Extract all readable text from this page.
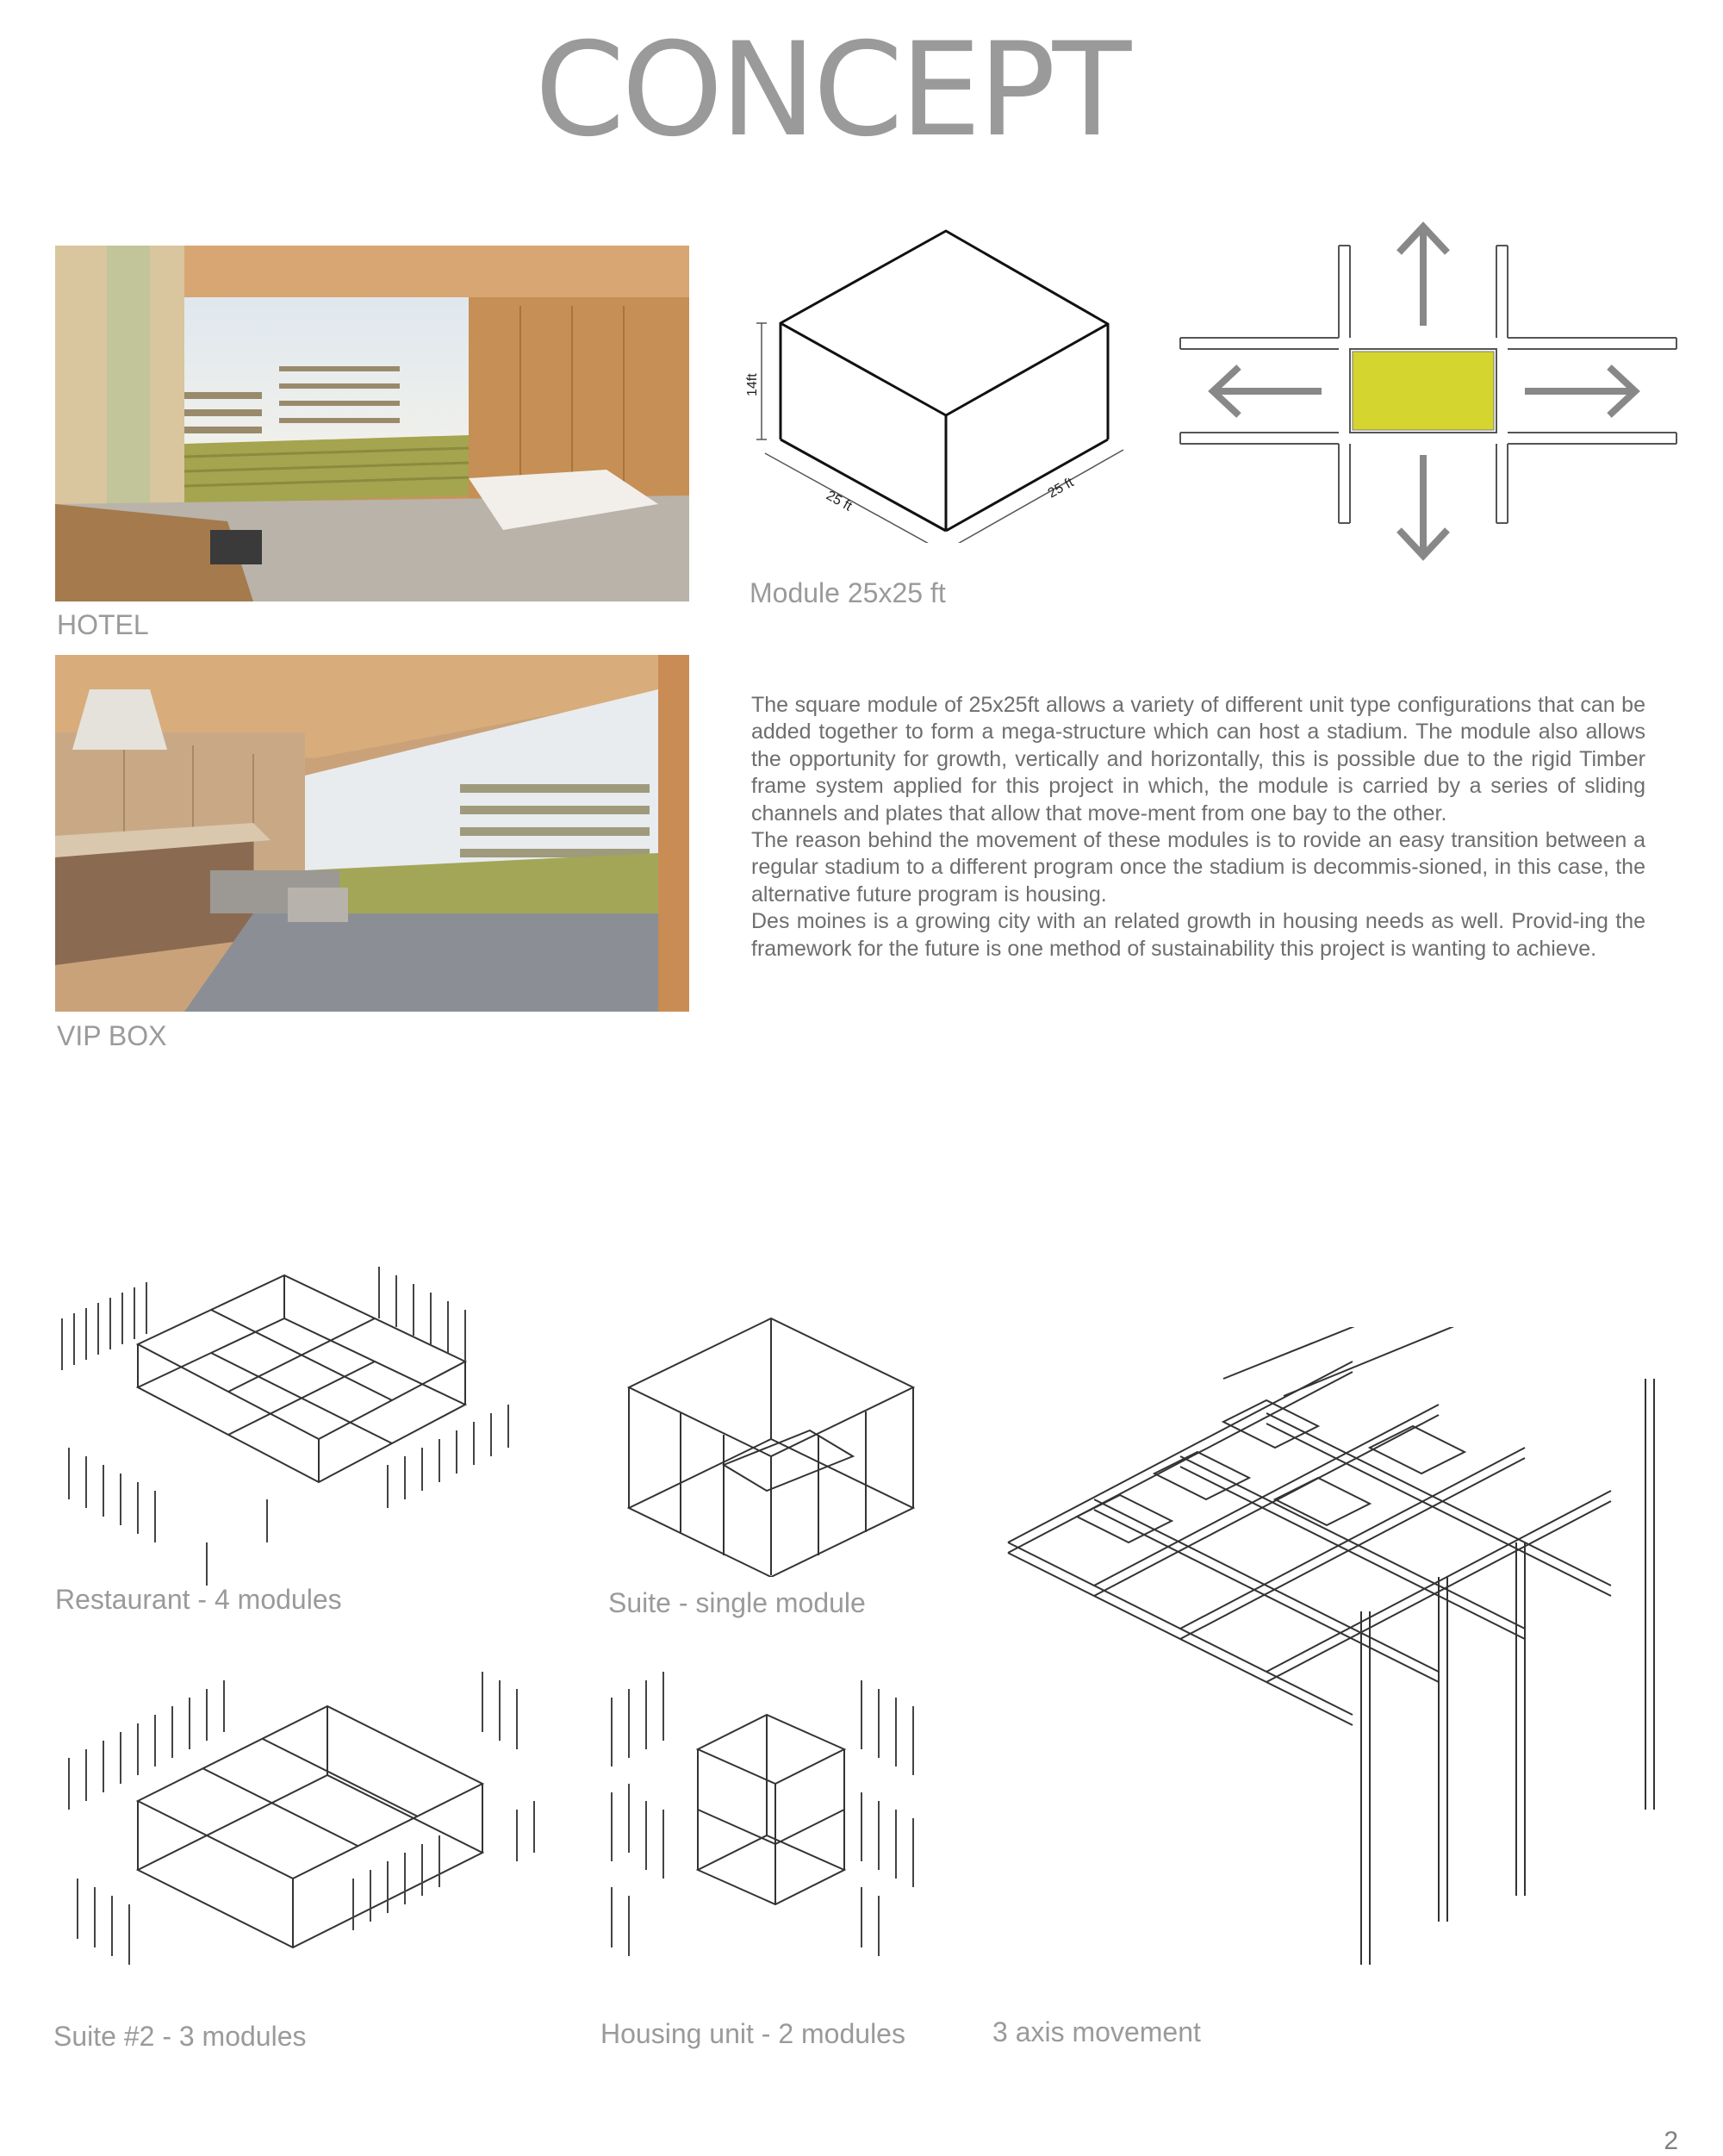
CONCEPT
HOTEL
VIP BOX
14ft
25 ft
25 ft
Module 25x25 ft

The square module of 25x25ft allows a variety of different unit type configurations that can be added together to form a mega-structure which can host a stadium. The module also allows the opportunity for growth, vertically and horizontally, this is possible due to the rigid Timber frame system applied for this project in which, the module is carried by a series of sliding channels and plates that allow that move-ment from one bay to the other.

The reason behind the movement of these modules is to rovide an easy transition between a regular stadium to a different program once the stadium is decommis-sioned, in this case, the alternative future program is housing.

Des moines is a growing city with an related growth in housing needs as well. Provid-ing the framework for the future is one method of sustainability this project is wanting to achieve.

Restaurant - 4 modules	Suite - single module
Suite #2 - 3 modules	Housing unit - 2 modules	3 axis movement
2
